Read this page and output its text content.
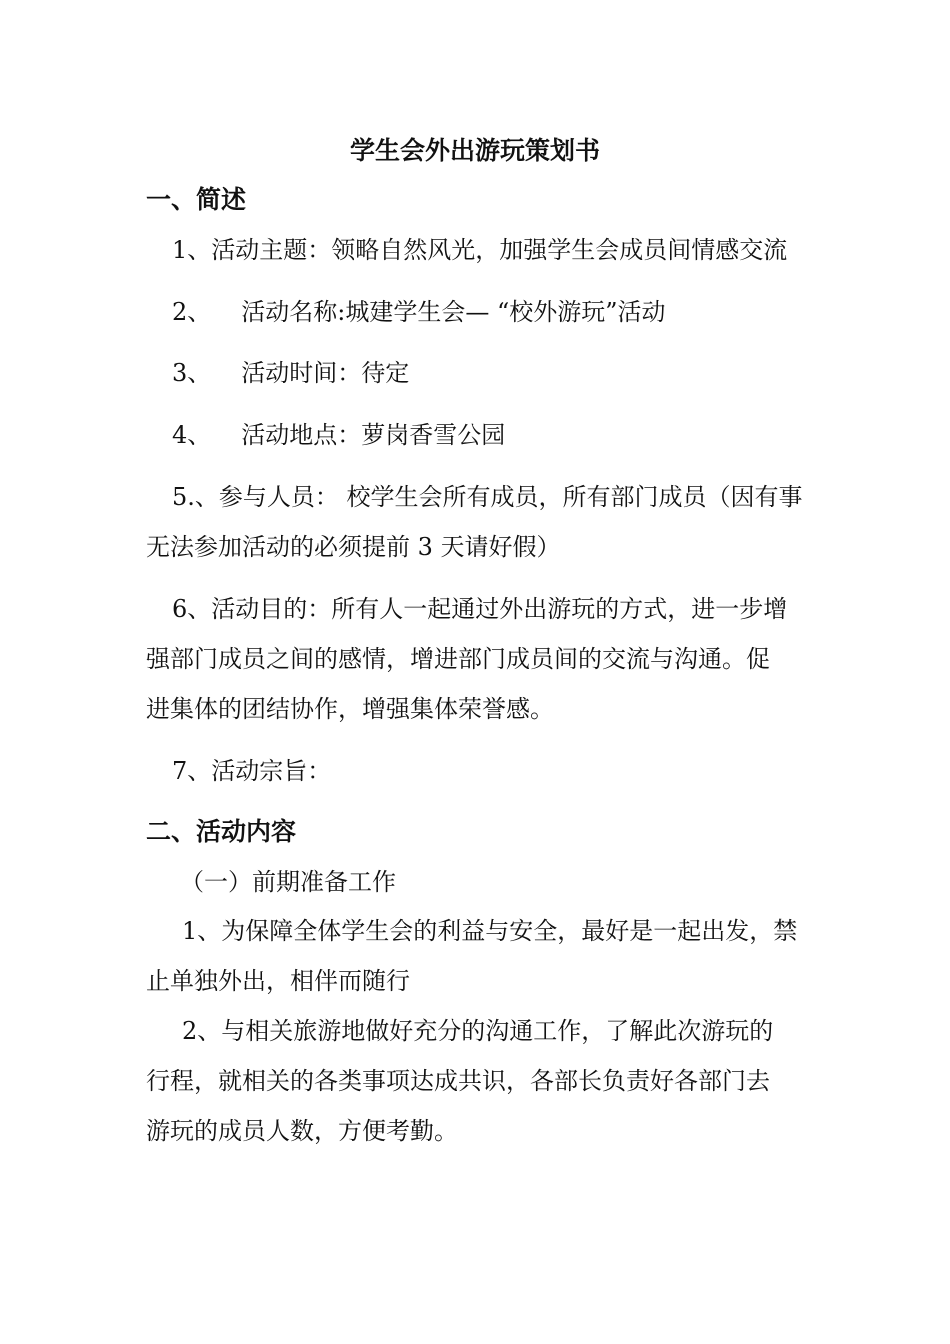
学生会外出游玩策划书
一、简述
1、活动主题：领略自然风光，加强学生会成员间情感交流
2、 活动名称:城建学生会— “校外游玩”活动
3、 活动时间：待定
4、 活动地点：萝岗香雪公园
5.、参与人员： 校学生会所有成员，所有部门成员（因有事
无法参加活动的必须提前 3 天请好假）
6、活动目的：所有人一起通过外出游玩的方式，进一步增
强部门成员之间的感情，增进部门成员间的交流与沟通。促
进集体的团结协作，增强集体荣誉感。
7、活动宗旨：
二、活动内容
（一）前期准备工作
1、为保障全体学生会的利益与安全，最好是一起出发，禁
止单独外出，相伴而随行
2、与相关旅游地做好充分的沟通工作，了解此次游玩的
行程，就相关的各类事项达成共识，各部长负责好各部门去
游玩的成员人数，方便考勤。
